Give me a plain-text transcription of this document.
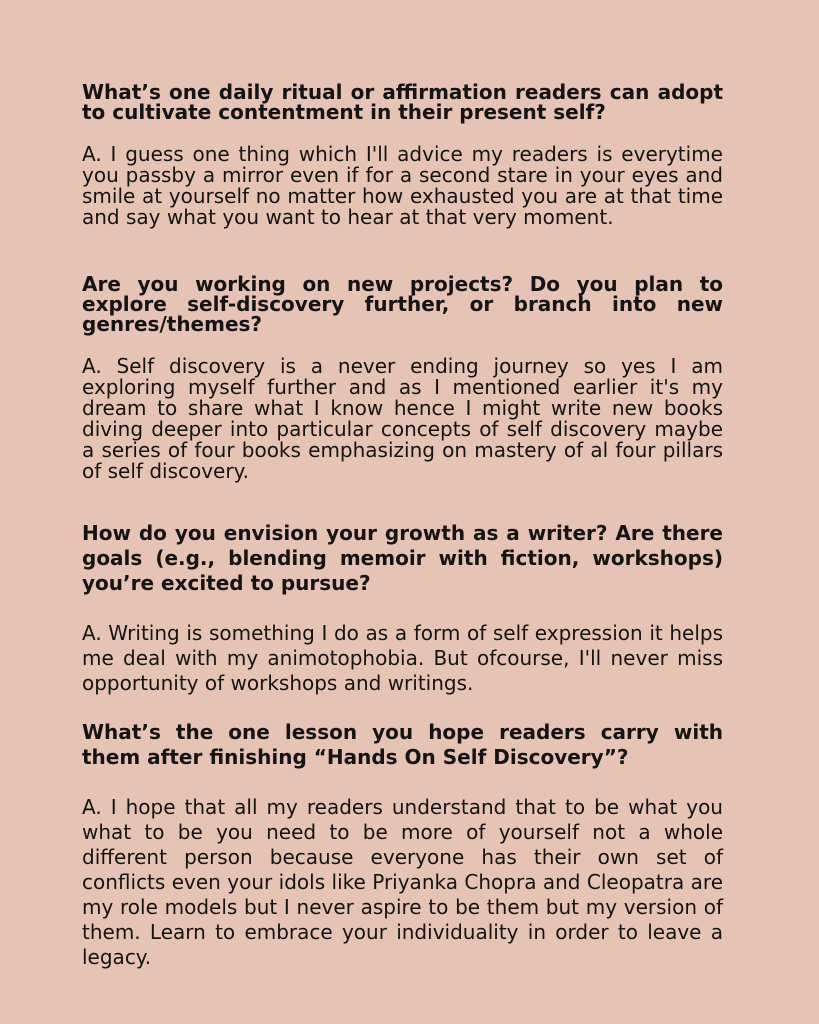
What’s one daily ritual or affirmation readers can adopt to cultivate contentment in their present self?

A. I guess one thing which I'll advice my readers is everytime you passby a mirror even if for a second stare in your eyes and smile at yourself no matter how exhausted you are at that time and say what you want to hear at that very moment.

Are you working on new projects? Do you plan to explore self-discovery further, or branch into new genres/themes?

A. Self discovery is a never ending journey so yes I am exploring myself further and as I mentioned earlier it's my dream to share what I know hence I might write new books diving deeper into particular concepts of self discovery maybe a series of four books emphasizing on mastery of al four pillars of self discovery.

How do you envision your growth as a writer? Are there goals (e.g., blending memoir with fiction, workshops) you’re excited to pursue?

A. Writing is something I do as a form of self expression it helps me deal with my animotophobia. But ofcourse, I'll never miss opportunity of workshops and writings.

What’s the one lesson you hope readers carry with them after finishing “Hands On Self Discovery”?

A. I hope that all my readers understand that to be what you what to be you need to be more of yourself not a whole different person because everyone has their own set of conflicts even your idols like Priyanka Chopra and Cleopatra are my role models but I never aspire to be them but my version of them. Learn to embrace your individuality in order to leave a legacy.
